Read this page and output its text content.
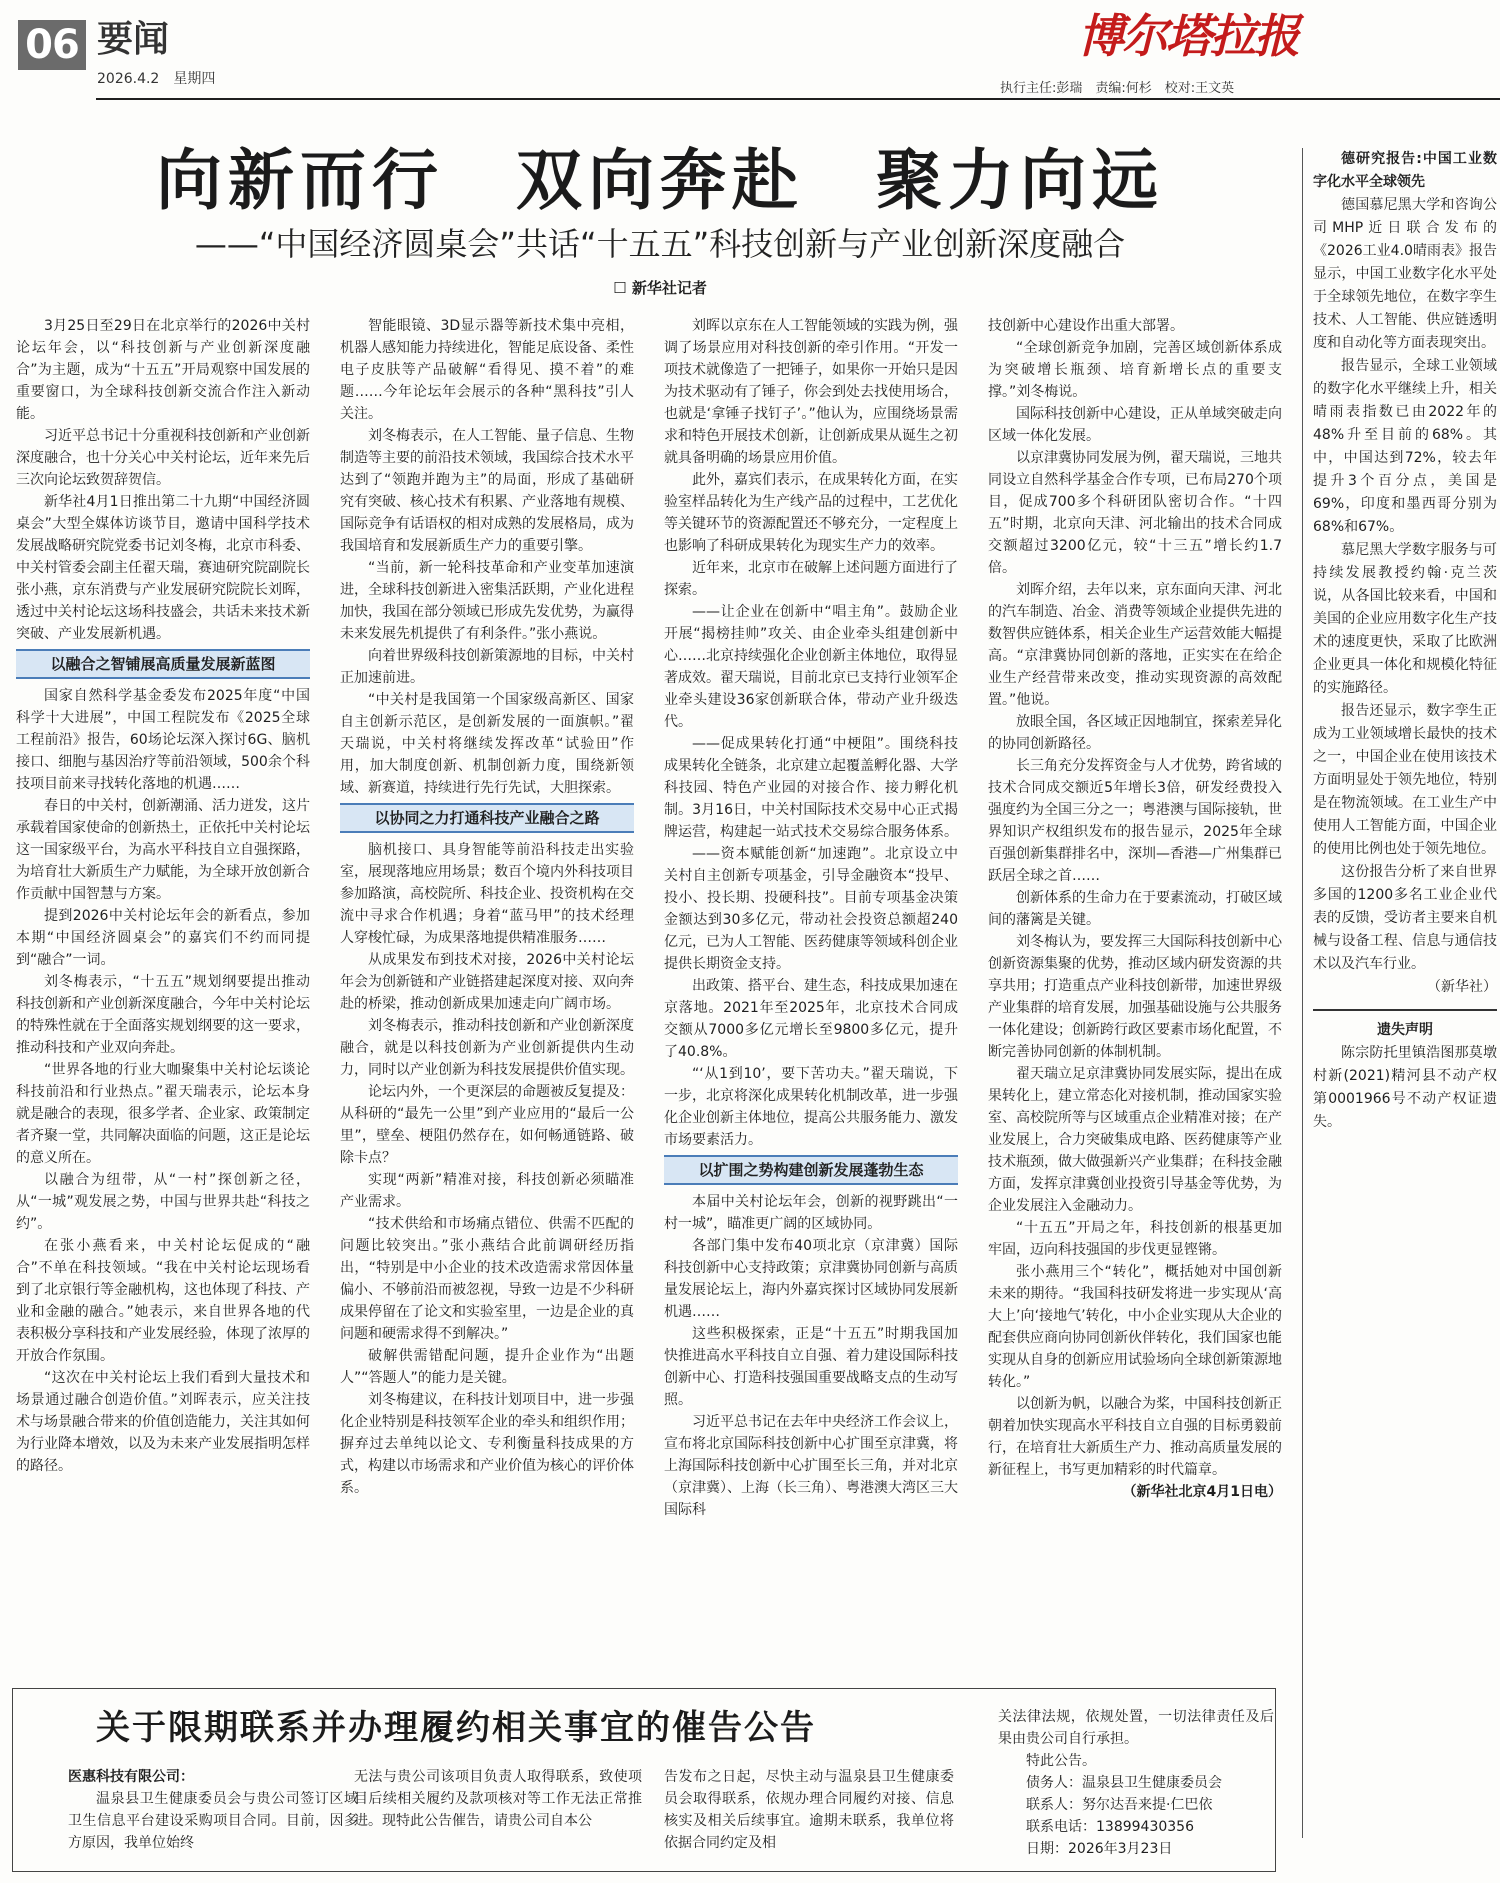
06 要闻
2026.4.2　星期四
博尔塔拉报
执行主任:彭瑞　责编:何杉　校对:王文英
向新而行　双向奔赴　聚力向远
——“中国经济圆桌会”共话“十五五”科技创新与产业创新深度融合
☐ 新华社记者

3月25日至29日在北京举行的2026中关村论坛年会，以“科技创新与产业创新深度融合”为主题，成为“十五五”开局观察中国发展的重要窗口，为全球科技创新交流合作注入新动能。

习近平总书记十分重视科技创新和产业创新深度融合，也十分关心中关村论坛，近年来先后三次向论坛致贺辞贺信。

新华社4月1日推出第二十九期“中国经济圆桌会”大型全媒体访谈节目，邀请中国科学技术发展战略研究院党委书记刘冬梅，北京市科委、中关村管委会副主任翟天瑞，赛迪研究院副院长张小燕，京东消费与产业发展研究院院长刘晖，透过中关村论坛这场科技盛会，共话未来技术新突破、产业发展新机遇。

以融合之智铺展高质量发展新蓝图

国家自然科学基金委发布2025年度“中国科学十大进展”，中国工程院发布《2025全球工程前沿》报告，60场论坛深入探讨6G、脑机接口、细胞与基因治疗等前沿领域，500余个科技项目前来寻找转化落地的机遇……

春日的中关村，创新潮涌、活力迸发，这片承载着国家使命的创新热土，正依托中关村论坛这一国家级平台，为高水平科技自立自强探路，为培育壮大新质生产力赋能，为全球开放创新合作贡献中国智慧与方案。

提到2026中关村论坛年会的新看点，参加本期“中国经济圆桌会”的嘉宾们不约而同提到“融合”一词。

刘冬梅表示，“十五五”规划纲要提出推动科技创新和产业创新深度融合，今年中关村论坛的特殊性就在于全面落实规划纲要的这一要求，推动科技和产业双向奔赴。

“世界各地的行业大咖聚集中关村论坛谈论科技前沿和行业热点。”翟天瑞表示，论坛本身就是融合的表现，很多学者、企业家、政策制定者齐聚一堂，共同解决面临的问题，这正是论坛的意义所在。

以融合为纽带，从“一村”探创新之径，从“一城”观发展之势，中国与世界共赴“科技之约”。

在张小燕看来，中关村论坛促成的“融合”不单在科技领域。“我在中关村论坛现场看到了北京银行等金融机构，这也体现了科技、产业和金融的融合。”她表示，来自世界各地的代表积极分享科技和产业发展经验，体现了浓厚的开放合作氛围。

“这次在中关村论坛上我们看到大量技术和场景通过融合创造价值。”刘晖表示，应关注技术与场景融合带来的价值创造能力，关注其如何为行业降本增效，以及为未来产业发展指明怎样的路径。

智能眼镜、3D显示器等新技术集中亮相，机器人感知能力持续进化，智能足底设备、柔性电子皮肤等产品破解“看得见、摸不着”的难题……今年论坛年会展示的各种“黑科技”引人关注。

刘冬梅表示，在人工智能、量子信息、生物制造等主要的前沿技术领域，我国综合技术水平达到了“领跑并跑为主”的局面，形成了基础研究有突破、核心技术有积累、产业落地有规模、国际竞争有话语权的相对成熟的发展格局，成为我国培育和发展新质生产力的重要引擎。

“当前，新一轮科技革命和产业变革加速演进，全球科技创新进入密集活跃期，产业化进程加快，我国在部分领域已形成先发优势，为赢得未来发展先机提供了有利条件。”张小燕说。

向着世界级科技创新策源地的目标，中关村正加速前进。

“中关村是我国第一个国家级高新区、国家自主创新示范区，是创新发展的一面旗帜。”翟天瑞说，中关村将继续发挥改革“试验田”作用，加大制度创新、机制创新力度，围绕新领域、新赛道，持续进行先行先试，大胆探索。

以协同之力打通科技产业融合之路

脑机接口、具身智能等前沿科技走出实验室，展现落地应用场景；数百个境内外科技项目参加路演，高校院所、科技企业、投资机构在交流中寻求合作机遇；身着“蓝马甲”的技术经理人穿梭忙碌，为成果落地提供精准服务……

从成果发布到技术对接，2026中关村论坛年会为创新链和产业链搭建起深度对接、双向奔赴的桥梁，推动创新成果加速走向广阔市场。

刘冬梅表示，推动科技创新和产业创新深度融合，就是以科技创新为产业创新提供内生动力，同时以产业创新为科技发展提供价值实现。

论坛内外，一个更深层的命题被反复提及：从科研的“最先一公里”到产业应用的“最后一公里”，壁垒、梗阻仍然存在，如何畅通链路、破除卡点？

实现“两新”精准对接，科技创新必须瞄准产业需求。

“技术供给和市场痛点错位、供需不匹配的问题比较突出。”张小燕结合此前调研经历指出，“特别是中小企业的技术改造需求常因体量偏小、不够前沿而被忽视，导致一边是不少科研成果停留在了论文和实验室里，一边是企业的真问题和硬需求得不到解决。”

破解供需错配问题，提升企业作为“出题人”“答题人”的能力是关键。

刘冬梅建议，在科技计划项目中，进一步强化企业特别是科技领军企业的牵头和组织作用；摒弃过去单纯以论文、专利衡量科技成果的方式，构建以市场需求和产业价值为核心的评价体系。

刘晖以京东在人工智能领域的实践为例，强调了场景应用对科技创新的牵引作用。“开发一项技术就像造了一把锤子，如果你一开始只是因为技术驱动有了锤子，你会到处去找使用场合，也就是‘拿锤子找钉子’。”他认为，应围绕场景需求和特色开展技术创新，让创新成果从诞生之初就具备明确的场景应用价值。

此外，嘉宾们表示，在成果转化方面，在实验室样品转化为生产线产品的过程中，工艺优化等关键环节的资源配置还不够充分，一定程度上也影响了科研成果转化为现实生产力的效率。

近年来，北京市在破解上述问题方面进行了探索。

——让企业在创新中“唱主角”。鼓励企业开展“揭榜挂帅”攻关、由企业牵头组建创新中心……北京持续强化企业创新主体地位，取得显著成效。翟天瑞说，目前北京已支持行业领军企业牵头建设36家创新联合体，带动产业升级迭代。

——促成果转化打通“中梗阻”。围绕科技成果转化全链条，北京建立起覆盖孵化器、大学科技园、特色产业园的对接合作、接力孵化机制。3月16日，中关村国际技术交易中心正式揭牌运营，构建起一站式技术交易综合服务体系。

——资本赋能创新“加速跑”。北京设立中关村自主创新专项基金，引导金融资本“投早、投小、投长期、投硬科技”。目前专项基金决策金额达到30多亿元，带动社会投资总额超240亿元，已为人工智能、医药健康等领域科创企业提供长期资金支持。

出政策、搭平台、建生态，科技成果加速在京落地。2021年至2025年，北京技术合同成交额从7000多亿元增长至9800多亿元，提升了40.8%。

“‘从1到10’，要下苦功夫。”翟天瑞说，下一步，北京将深化成果转化机制改革，进一步强化企业创新主体地位，提高公共服务能力、激发市场要素活力。

以扩围之势构建创新发展蓬勃生态

本届中关村论坛年会，创新的视野跳出“一村一城”，瞄准更广阔的区域协同。

各部门集中发布40项北京（京津冀）国际科技创新中心支持政策；京津冀协同创新与高质量发展论坛上，海内外嘉宾探讨区域协同发展新机遇……

这些积极探索，正是“十五五”时期我国加快推进高水平科技自立自强、着力建设国际科技创新中心、打造科技强国重要战略支点的生动写照。

习近平总书记在去年中央经济工作会议上，宣布将北京国际科技创新中心扩围至京津冀，将上海国际科技创新中心扩围至长三角，并对北京（京津冀）、上海（长三角）、粤港澳大湾区三大国际科

技创新中心建设作出重大部署。

“全球创新竞争加剧，完善区域创新体系成为突破增长瓶颈、培育新增长点的重要支撑。”刘冬梅说。

国际科技创新中心建设，正从单域突破走向区域一体化发展。

以京津冀协同发展为例，翟天瑞说，三地共同设立自然科学基金合作专项，已布局270个项目，促成700多个科研团队密切合作。“十四五”时期，北京向天津、河北输出的技术合同成交额超过3200亿元，较“十三五”增长约1.7倍。

刘晖介绍，去年以来，京东面向天津、河北的汽车制造、冶金、消费等领域企业提供先进的数智供应链体系，相关企业生产运营效能大幅提高。“京津冀协同创新的落地，正实实在在给企业生产经营带来改变，推动实现资源的高效配置。”他说。

放眼全国，各区域正因地制宜，探索差异化的协同创新路径。

长三角充分发挥资金与人才优势，跨省域的技术合同成交额近5年增长3倍，研发经费投入强度约为全国三分之一；粤港澳与国际接轨，世界知识产权组织发布的报告显示，2025年全球百强创新集群排名中，深圳—香港—广州集群已跃居全球之首……

创新体系的生命力在于要素流动，打破区域间的藩篱是关键。

刘冬梅认为，要发挥三大国际科技创新中心创新资源集聚的优势，推动区域内研发资源的共享共用；打造重点产业科技创新带，加速世界级产业集群的培育发展，加强基础设施与公共服务一体化建设；创新跨行政区要素市场化配置，不断完善协同创新的体制机制。

翟天瑞立足京津冀协同发展实际，提出在成果转化上，建立常态化对接机制，推动国家实验室、高校院所等与区域重点企业精准对接；在产业发展上，合力突破集成电路、医药健康等产业技术瓶颈，做大做强新兴产业集群；在科技金融方面，发挥京津冀创业投资引导基金等优势，为企业发展注入金融动力。

“十五五”开局之年，科技创新的根基更加牢固，迈向科技强国的步伐更显铿锵。

张小燕用三个“转化”，概括她对中国创新未来的期待。“我国科技研发将进一步实现从‘高大上’向‘接地气’转化，中小企业实现从大企业的配套供应商向协同创新伙伴转化，我们国家也能实现从自身的创新应用试验场向全球创新策源地转化。”

以创新为帆，以融合为桨，中国科技创新正朝着加快实现高水平科技自立自强的目标勇毅前行，在培育壮大新质生产力、推动高质量发展的新征程上，书写更加精彩的时代篇章。

（新华社北京4月1日电）

德研究报告:中国工业数字化水平全球领先

德国慕尼黑大学和咨询公司MHP近日联合发布的《2026工业4.0晴雨表》报告显示，中国工业数字化水平处于全球领先地位，在数字孪生技术、人工智能、供应链透明度和自动化等方面表现突出。

报告显示，全球工业领域的数字化水平继续上升，相关晴雨表指数已由2022年的48%升至目前的68%。其中，中国达到72%，较去年提升3个百分点，美国是69%，印度和墨西哥分别为68%和67%。

慕尼黑大学数字服务与可持续发展教授约翰·克兰茨说，从各国比较来看，中国和美国的企业应用数字化生产技术的速度更快，采取了比欧洲企业更具一体化和规模化特征的实施路径。

报告还显示，数字孪生正成为工业领域增长最快的技术之一，中国企业在使用该技术方面明显处于领先地位，特别是在物流领域。在工业生产中使用人工智能方面，中国企业的使用比例也处于领先地位。

这份报告分析了来自世界多国的1200多名工业企业代表的反馈，受访者主要来自机械与设备工程、信息与通信技术以及汽车行业。

（新华社）

遗失声明

陈宗防托里镇浩图那莫墩村新(2021)精河县不动产权第0001966号不动产权证遗失。

关于限期联系并办理履约相关事宜的催告公告

医惠科技有限公司：

温泉县卫生健康委员会与贵公司签订区域卫生信息平台建设采购项目合同。目前，因多方原因，我单位始终

无法与贵公司该项目负责人取得联系，致使项目后续相关履约及款项核对等工作无法正常推进。现特此公告催告，请贵公司自本公

告发布之日起，尽快主动与温泉县卫生健康委员会取得联系，依规办理合同履约对接、信息核实及相关后续事宜。逾期未联系，我单位将依据合同约定及相

关法律法规，依规处置，一切法律责任及后果由贵公司自行承担。

特此公告。

债务人：温泉县卫生健康委员会

联系人：努尔达吾来提·仁巴依

联系电话：13899430356

日期：2026年3月23日
